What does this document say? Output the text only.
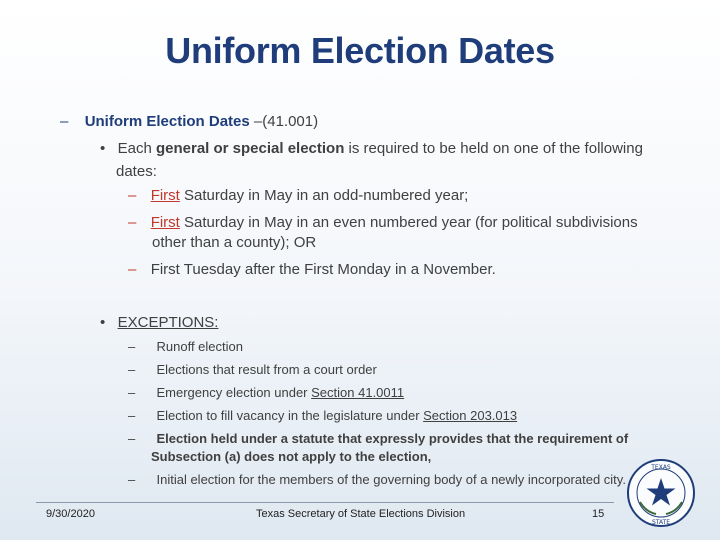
Uniform Election Dates
– Uniform Election Dates –(41.001)
• Each general or special election is required to be held on one of the following
dates:
– First Saturday in May in an odd-numbered year;
– First Saturday in May in an even numbered year (for political subdivisions
other than a county); OR
– First Tuesday after the First Monday in a November.
• EXCEPTIONS:
– Runoff election
– Elections that result from a court order
– Emergency election under Section 41.0011
– Election to fill vacancy in the legislature under Section 203.013
– Election held under a statute that expressly provides that the requirement of
Subsection (a) does not apply to the election,
– Initial election for the members of the governing body of a newly incorporated city.
TEXAS
STATE
9/30/2020	Texas Secretary of State Elections Division	15
